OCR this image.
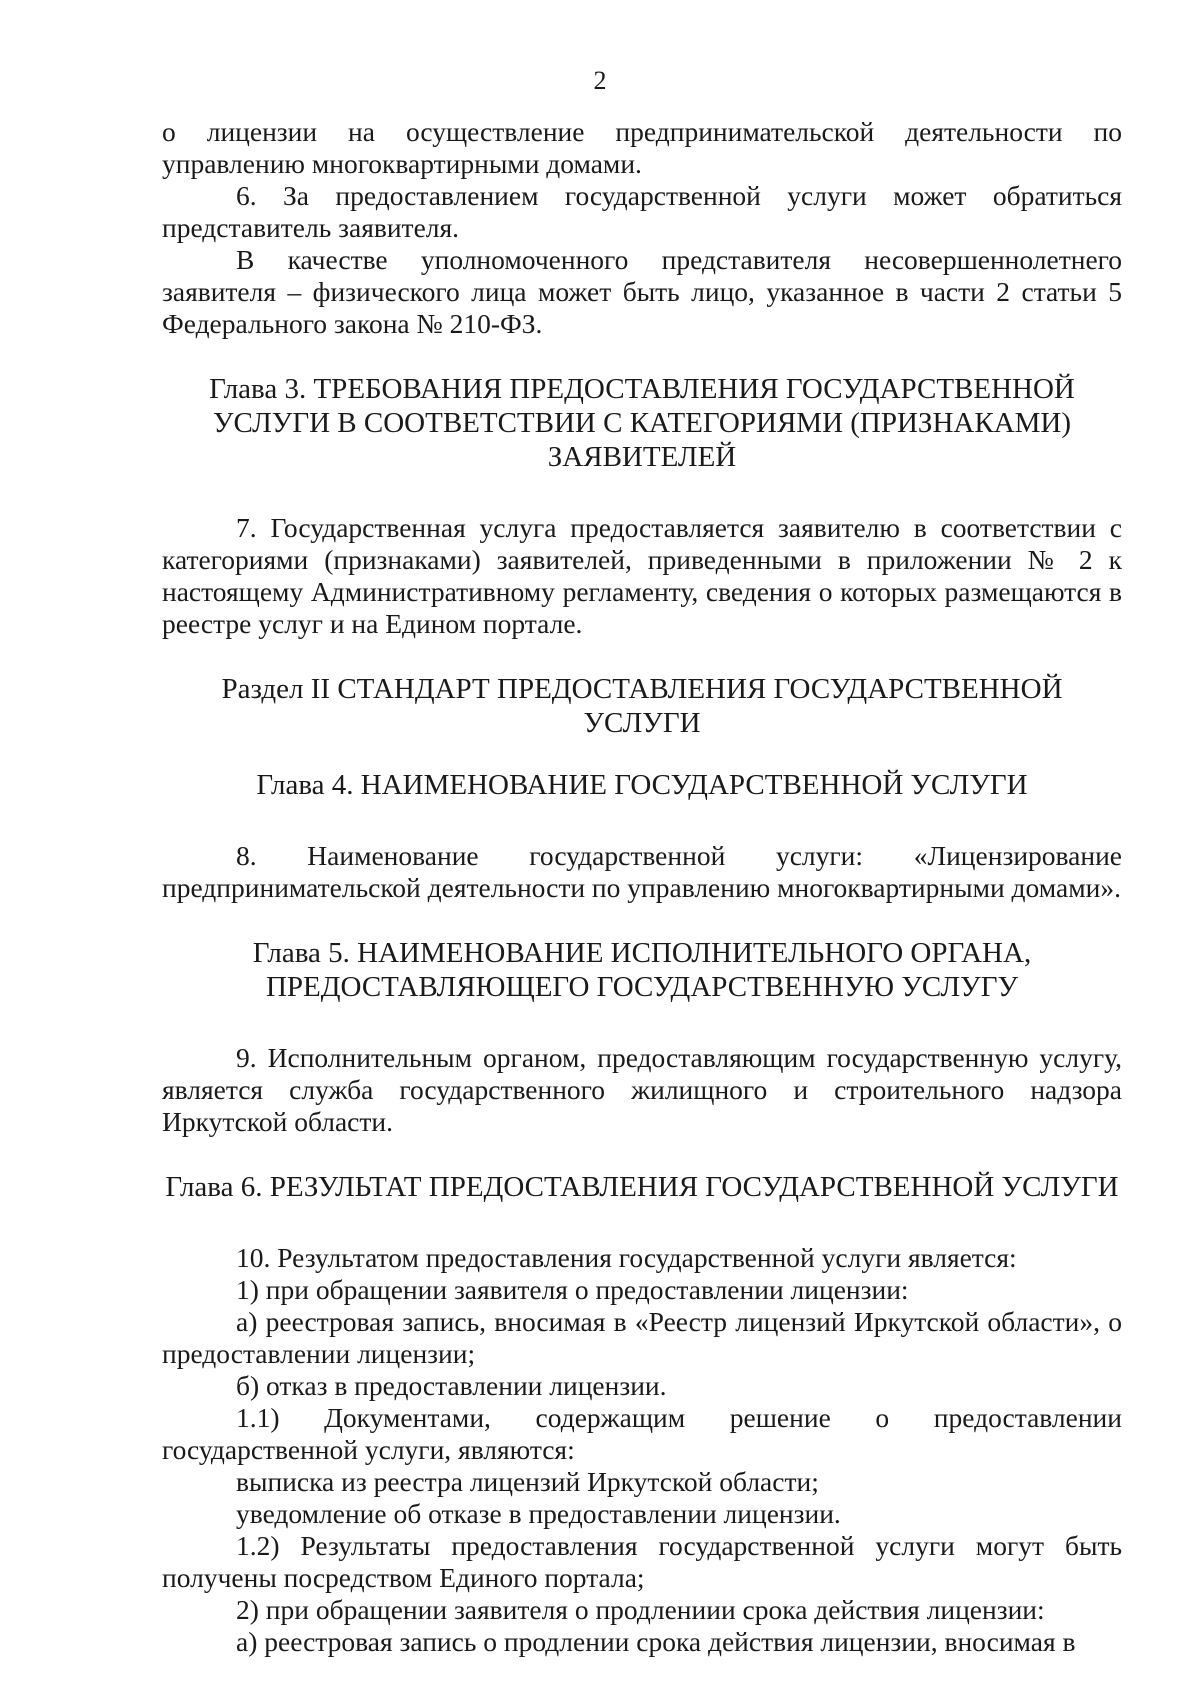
2

о лицензии на осуществление предпринимательской деятельности по управлению многоквартирными домами.

6. За предоставлением государственной услуги может обратиться представитель заявителя.

В качестве уполномоченного представителя несовершеннолетнего заявителя – физического лица может быть лицо, указанное в части 2 статьи 5 Федерального закона № 210-ФЗ.

Глава 3. ТРЕБОВАНИЯ ПРЕДОСТАВЛЕНИЯ ГОСУДАРСТВЕННОЙ
УСЛУГИ В СООТВЕТСТВИИ С КАТЕГОРИЯМИ (ПРИЗНАКАМИ)
ЗАЯВИТЕЛЕЙ

7. Государственная услуга предоставляется заявителю в соответствии с категориями (признаками) заявителей, приведенными в приложении № 2 к настоящему Административному регламенту, сведения о которых размещаются в реестре услуг и на Едином портале.

Раздел II СТАНДАРТ ПРЕДОСТАВЛЕНИЯ ГОСУДАРСТВЕННОЙ УСЛУГИ
Глава 4. НАИМЕНОВАНИЕ ГОСУДАРСТВЕННОЙ УСЛУГИ

8. Наименование государственной услуги: «Лицензирование предпринимательской деятельности по управлению многоквартирными домами».

Глава 5. НАИМЕНОВАНИЕ ИСПОЛНИТЕЛЬНОГО ОРГАНА,
ПРЕДОСТАВЛЯЮЩЕГО ГОСУДАРСТВЕННУЮ УСЛУГУ

9. Исполнительным органом, предоставляющим государственную услугу, является служба государственного жилищного и строительного надзора Иркутской области.

Глава 6. РЕЗУЛЬТАТ ПРЕДОСТАВЛЕНИЯ ГОСУДАРСТВЕННОЙ УСЛУГИ

10. Результатом предоставления государственной услуги является:

1) при обращении заявителя о предоставлении лицензии:

а) реестровая запись, вносимая в «Реестр лицензий Иркутской области», о предоставлении лицензии;

б) отказ в предоставлении лицензии.

1.1) Документами, содержащим решение о предоставлении государственной услуги, являются:

выписка из реестра лицензий Иркутской области;

уведомление об отказе в предоставлении лицензии.

1.2) Результаты предоставления государственной услуги могут быть получены посредством Единого портала;

2) при обращении заявителя о продлениии срока действия лицензии:

а) реестровая запись о продлении срока действия лицензии, вносимая в
